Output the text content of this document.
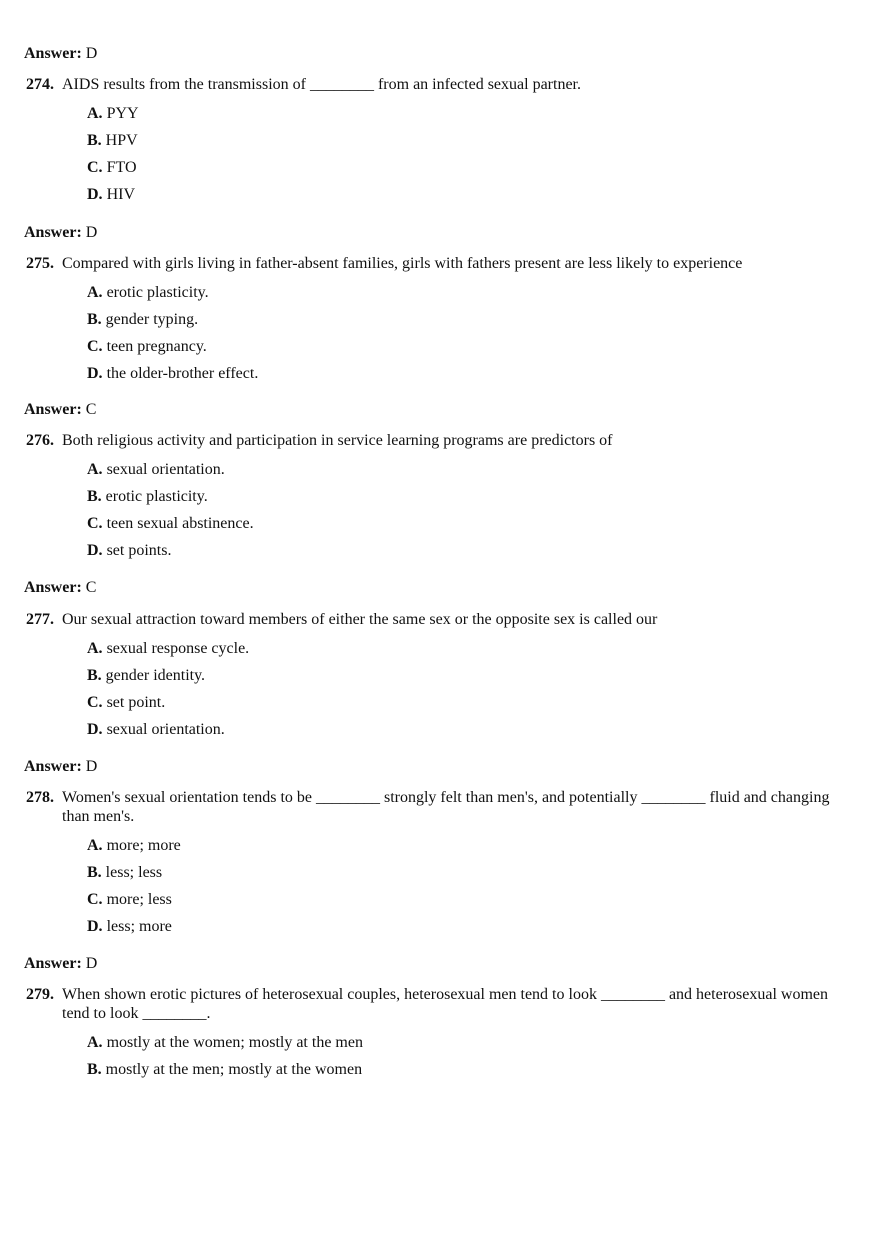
Answer: D
274. AIDS results from the transmission of ________ from an infected sexual partner.
A. PYY
B. HPV
C. FTO
D. HIV
Answer: D
275. Compared with girls living in father-absent families, girls with fathers present are less likely to experience
A. erotic plasticity.
B. gender typing.
C. teen pregnancy.
D. the older-brother effect.
Answer: C
276. Both religious activity and participation in service learning programs are predictors of
A. sexual orientation.
B. erotic plasticity.
C. teen sexual abstinence.
D. set points.
Answer: C
277. Our sexual attraction toward members of either the same sex or the opposite sex is called our
A. sexual response cycle.
B. gender identity.
C. set point.
D. sexual orientation.
Answer: D
278. Women's sexual orientation tends to be ________ strongly felt than men's, and potentially ________ fluid and changing than men's.
A. more; more
B. less; less
C. more; less
D. less; more
Answer: D
279. When shown erotic pictures of heterosexual couples, heterosexual men tend to look ________ and heterosexual women tend to look ________.
A. mostly at the women; mostly at the men
B. mostly at the men; mostly at the women
